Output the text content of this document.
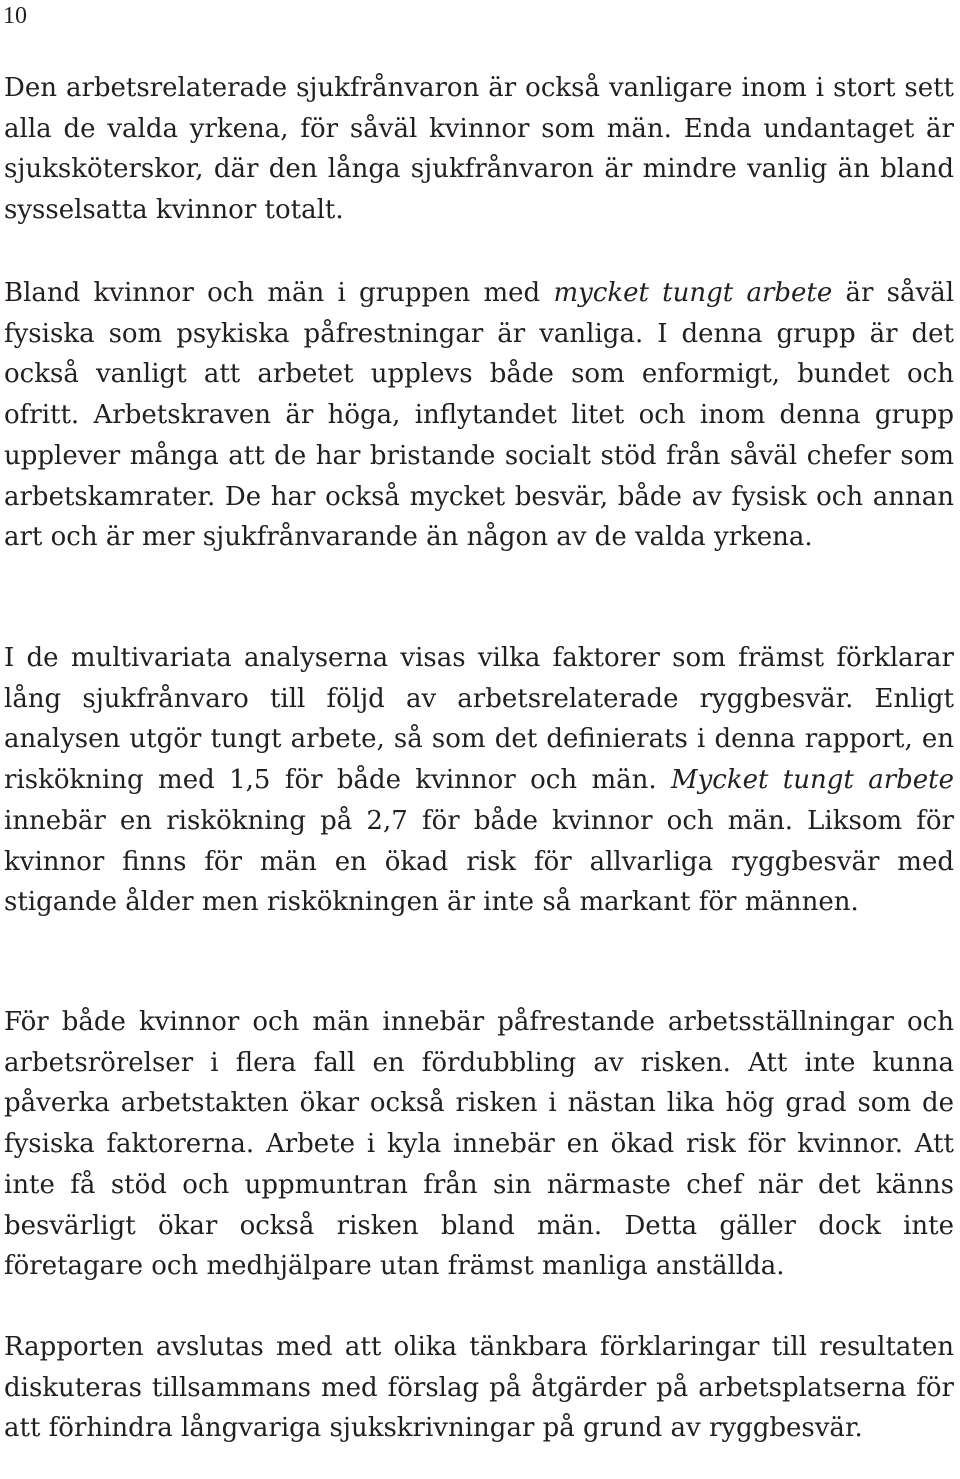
10

Den arbetsrelaterade sjukfrånvaron är också vanligare inom i stort sett alla de valda yrkena, för såväl kvinnor som män. Enda undantaget är sjuksköterskor, där den långa sjukfrånvaron är mindre vanlig än bland sysselsatta kvinnor totalt.

Bland kvinnor och män i gruppen med mycket tungt arbete är såväl fysiska som psykiska påfrestningar är vanliga. I denna grupp är det också vanligt att arbetet upplevs både som enformigt, bundet och ofritt. Arbetskraven är höga, inflytandet litet och inom denna grupp upplever många att de har bristande socialt stöd från såväl chefer som arbetskamrater. De har också mycket besvär, både av fysisk och annan art och är mer sjukfrånvarande än någon av de valda yrkena.

I de multivariata analyserna visas vilka faktorer som främst förklarar lång sjukfrånvaro till följd av arbetsrelaterade ryggbesvär. Enligt analysen utgör tungt arbete, så som det definierats i denna rapport, en riskökning med 1,5 för både kvinnor och män. Mycket tungt arbete innebär en riskökning på 2,7 för både kvinnor och män. Liksom för kvinnor finns för män en ökad risk för allvarliga ryggbesvär med stigande ålder men riskökningen är inte så markant för männen.

För både kvinnor och män innebär påfrestande arbetsställningar och arbetsrörelser i flera fall en fördubbling av risken. Att inte kunna påverka arbetstakten ökar också risken i nästan lika hög grad som de fysiska faktorerna. Arbete i kyla innebär en ökad risk för kvinnor. Att inte få stöd och uppmuntran från sin närmaste chef när det känns besvärligt ökar också risken bland män. Detta gäller dock inte företagare och medhjälpare utan främst manliga anställda.

Rapporten avslutas med att olika tänkbara förklaringar till resultaten diskuteras tillsammans med förslag på åtgärder på arbetsplatserna för att förhindra långvariga sjukskrivningar på grund av ryggbesvär.
